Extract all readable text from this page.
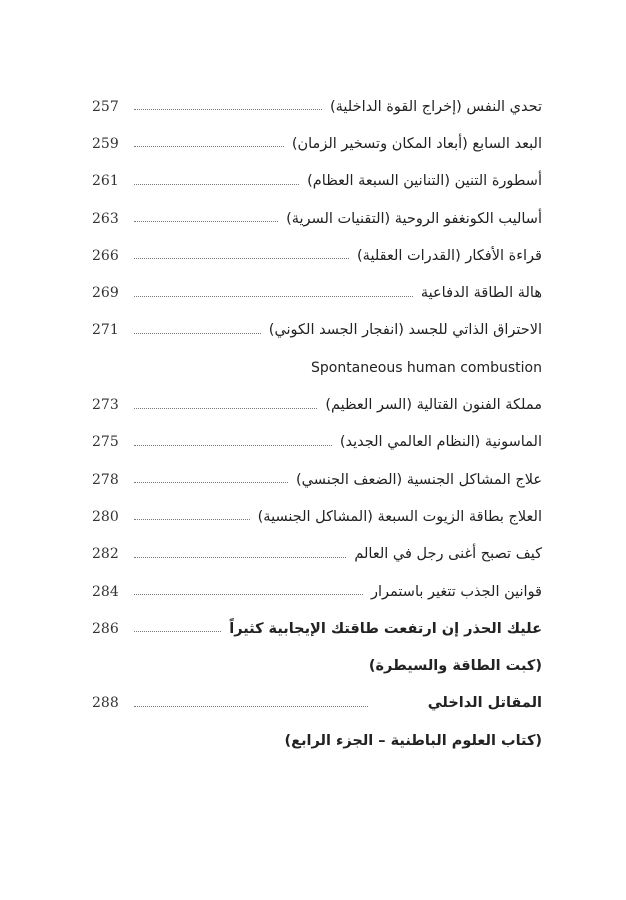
تحدي النفس (إخراج القوة الداخلية)
257
البعد السابع (أبعاد المكان وتسخير الزمان)
259
أسطورة التنين (التنانين السبعة العظام)
261
أساليب الكونغفو الروحية (التقنيات السرية)
263
قراءة الأفكار (القدرات العقلية)
266
هالة الطاقة الدفاعية
269
الاحتراق الذاتي للجسد (انفجار الجسد الكوني)
271
Spontaneous human combustion
مملكة الفنون القتالية (السر العظيم)
273
الماسونية (النظام العالمي الجديد)
275
علاج المشاكل الجنسية (الضعف الجنسي)
278
العلاج بطاقة الزيوت السبعة (المشاكل الجنسية)
280
كيف تصبح أغنى رجل في العالم
282
قوانين الجذب تتغير باستمرار
284
عليك الحذر إن ارتفعت طاقتك الإيجابية كثيراً
286
(كبت الطاقة والسيطرة)
المقاتل الداخلي
288
(كتاب العلوم الباطنية – الجزء الرابع)
